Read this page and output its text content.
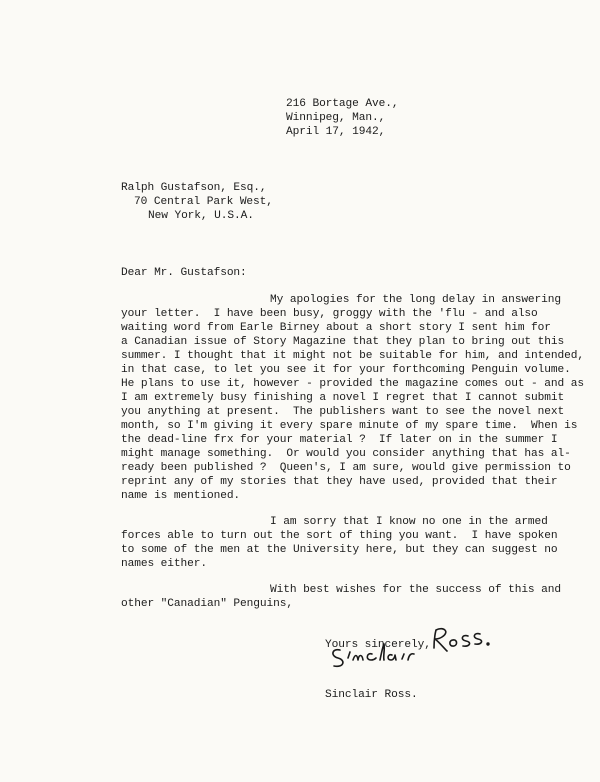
216 Bortage Ave.,
Winnipeg, Man.,
April 17, 1942,
Ralph Gustafson, Esq.,
70 Central Park West,
New York, U.S.A.
Dear Mr. Gustafson:
My apologies for the long delay in answering
your letter.  I have been busy, groggy with the 'flu - and also
waiting word from Earle Birney about a short story I sent him for
a Canadian issue of Story Magazine that they plan to bring out this
summer. I thought that it might not be suitable for him, and intended,
in that case, to let you see it for your forthcoming Penguin volume.
He plans to use it, however - provided the magazine comes out - and as
I am extremely busy finishing a novel I regret that I cannot submit
you anything at present.  The publishers want to see the novel next
month, so I'm giving it every spare minute of my spare time.  When is
the dead-line frx for your material ?  If later on in the summer I
might manage something.  Or would you consider anything that has al-
ready been published ?  Queen's, I am sure, would give permission to
reprint any of my stories that they have used, provided that their
name is mentioned.
I am sorry that I know no one in the armed
forces able to turn out the sort of thing you want.  I have spoken
to some of the men at the University here, but they can suggest no
names either.
With best wishes for the success of this and
other "Canadian" Penguins,
Yours sincerely,
Sinclair Ross.
